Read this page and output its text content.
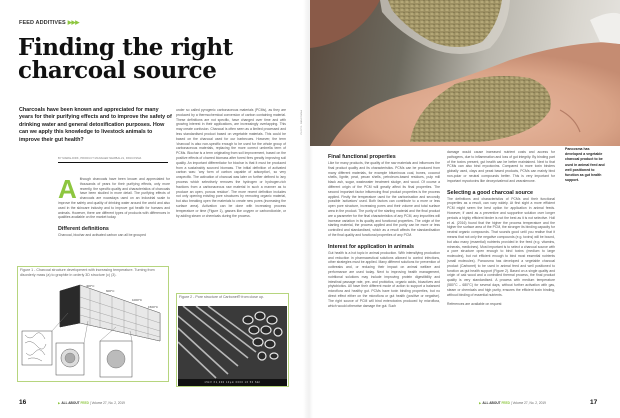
FEED ADDITIVES ▶▶▶
Finding the right
charcoal source

Charcoals have been known and appreciated for many years for their purifying effects and to improve the safety of drinking water and general detoxification purposes. How can we apply this knowledge to livestock animals to improve their gut health?

BY MARIE-DIRK, PRODUCT MANAGER NEWBALLS, PANCOSMA
A lthough charcoals have been known and appreciated for thousands of years for their purifying effects, only more recently, the specific quality and characteristics of charcoals have been studied in more detail. The purifying effects of charcoals are nowadays used on an industrial scale to improve the safety and quality of drinking water around the world and also used in the skincare industry and to improve gut health for humans and animals. However, there are different types of products with differences in qualities available on the market today.
Different definitions
Charcoal, biochar and activated carbon can all be grouped
under so called pyrogenic carbonaceous materials (PCMs), as they are produced by a thermochemical conversion of carbon containing material. These definitions are not specific, have changed over time and with growing interest in their applications, are increasingly overlapping. This may create confusion. Charcoal is often seen as a limited processed and less standardised product based on vegetable materials. This could be based on the charcoal used for our barbecues. However, the term 'charcoal' is also non-specific enough to be used for the whole group of carbonaceous materials, replacing the more correct umbrella term of PCMs. Biochar is a term originating from soil improvement, based on the positive effects of charred biomass after forest fires greatly improving soil quality. An important differentiator for biochar is that it must be produced from a sustainably sourced biomass. The initial definition of activated carbon was: 'any form of carbon capable of adsorption', so very unspecific. The activation of charcoal was later on further defined to 'any process which selectively removes the hydrogen or hydrogen-rich fractions from a carbonaceous raw material in such a manner as to produce an open, porous residue'. The more recent definition includes not only opening existing pore structures by removing organic material, but also breaking open the materials to create new pores (increasing the surface area). Activation can be done with increasing process temperature or time (Figure 1), gasses like oxygen or carbondioxide, or by adding steam or chemicals during the process.
Figure 1 - Charcoal structure development with increasing temperature. Turning from disorderly mass (a) to graphite in orderly 3D structure (c) (3).
400°C
600°C
1000°C
1500°C
Figure 2 - Pore structure of Carbonet® from close up.
15kV X1,000 10µm 0000 16 50 SEI
16	▶ ALL ABOUT FEED | Volume 27, No. 2, 2019
PHOTO: PANCOSMA
Final functional properties
Like for many products, the quality of the raw materials and influences the final product quality and its characteristics. PCMs can be produced from many different materials, for example bituminous coal, bones, coconut shells, lignite, peat, pecan shells, petroleum-based residues, pulp mill black ash, sugar, wastewater treatment sludge, and wood. Of course a different origin of the PCM will greatly affect its final properties. The second important factor influencing final product properties is the process applied. Firstly the temperature used for the carbonisation and secondly possible 'activators' used. Both factors can contribute to a more or less open pore structure, increasing pores and their volume and total surface area in the product. The purity of the starting material and the final product are a parameter for the final characteristics of any PCM, any impurities will increase variation in its quality and functional properties. The origin of the starting material, the process applied and the purity can be more or less controlled and standardised, which as a result affects the standardisation of the final quality and functional properties of any PCM.
Interest for application in animals
Gut health is a hot topic in animal production. With intensifying production and reduction in pharmaceutical solutions allowed to control infections, other strategies must be applied. Many different solutions for prevention of outbreaks and, or reducing their impact on animal welfare and performance are used today. Next to improving health management, nutritional solutions may include improving protein digestibility and intestinal passage rate, pre- and probiotics, organic acids, bioactives and phytobiotics. All have their different mode of action to support a balanced microflora and healthy gut. PCMs have toxin binding properties, but no direct effect either on the microflora or gut health (positive or negative). The right source of PCM will bind enterotoxins produced by microflora, which would otherwise damage the gut. Such
damage would cause increased nutrient costs and access for pathogens, due to inflammation and loss of gut integrity. By binding part of the toxins present, gut health can be better maintained. Next to that PCMs can also bind mycotoxins. Compared to more toxin binders globally used, clays and yeast based products, PCMs can mainly bind non-polar or neutral compounds better. This is very important for important mycotoxins like deoxynivalenol and zearalenone.
Selecting a good charcoal source
The definitions and characteristics of PCMs and their functional properties as a result, can vary widely. At first sight a more efficient PCM might seem the best option for application in animal feeds. However, if used as a preventive and supportive solution over longer periods a highly efficient binder is not the best as it is not selective. Holl et al. (2016) found that the higher the process temperature and the higher the surface area of the PCM, the stronger its binding capacity for neutral organic compounds. That sounds good until you realise that it means that not only the negative compounds (e.g. toxins) will be bound, but also many (essential) nutrients provided in the feed (e.g. vitamins, minerals, medicines). Most important is to select a charcoal source with a pore structure open enough to bind toxins (medium to large molecules), but not efficient enough to bind most essential nutrients (small molecules). Pancosma has developed a vegetable charcoal product (Carbonet) to be used in animal feed and well positioned to function as gut health support (Figure 2). Based on a single quality and origin of oak wood and a controlled thermal process, the final product quality is very standardised. A process with medium temperature (580°C – 680°C) for several days, without further activation with gas, steam or chemicals and high purity, ensures the efficient toxin binding, without binding of essential nutrients.
References are available on request
Pancosma has developed a vegetable charcoal product to be used in animal feed and well positioned to function as gut health support.
▶ ALL ABOUT FEED | Volume 27, No. 2, 2019	17
